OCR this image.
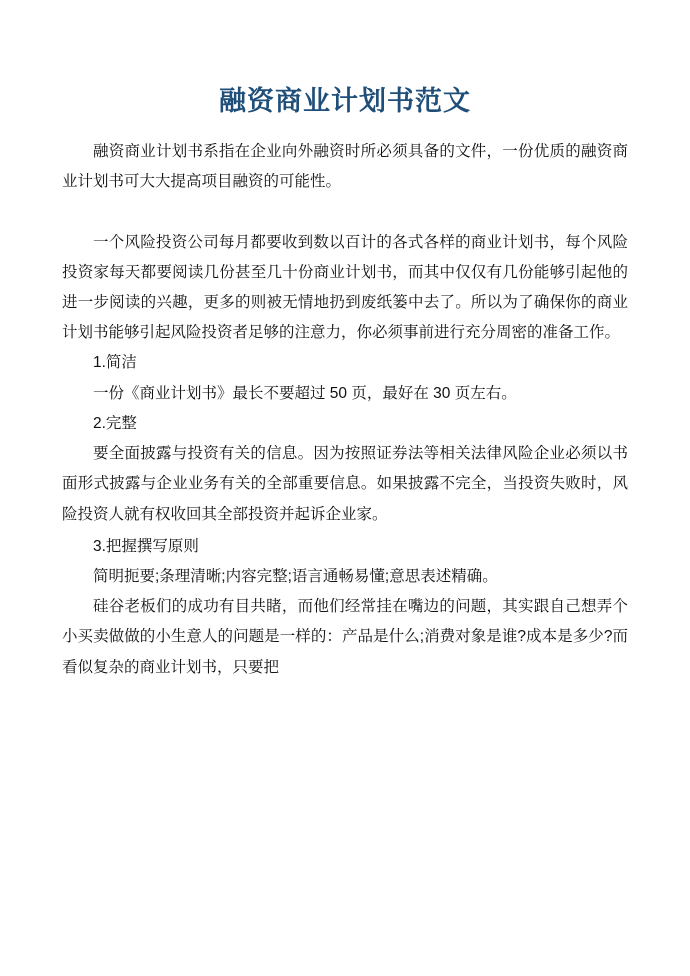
融资商业计划书范文

融资商业计划书系指在企业向外融资时所必须具备的文件，一份优质的融资商业计划书可大大提高项目融资的可能性。

一个风险投资公司每月都要收到数以百计的各式各样的商业计划书，每个风险投资家每天都要阅读几份甚至几十份商业计划书，而其中仅仅有几份能够引起他的进一步阅读的兴趣，更多的则被无情地扔到废纸篓中去了。所以为了确保你的商业计划书能够引起风险投资者足够的注意力，你必须事前进行充分周密的准备工作。

1.简洁

一份《商业计划书》最长不要超过 50 页，最好在 30 页左右。

2.完整

要全面披露与投资有关的信息。因为按照证券法等相关法律风险企业必须以书面形式披露与企业业务有关的全部重要信息。如果披露不完全，当投资失败时，风险投资人就有权收回其全部投资并起诉企业家。

3.把握撰写原则

简明扼要;条理清晰;内容完整;语言通畅易懂;意思表述精确。

硅谷老板们的成功有目共睹，而他们经常挂在嘴边的问题，其实跟自己想弄个小买卖做做的小生意人的问题是一样的：产品是什么;消费对象是谁?成本是多少?而看似复杂的商业计划书，只要把
